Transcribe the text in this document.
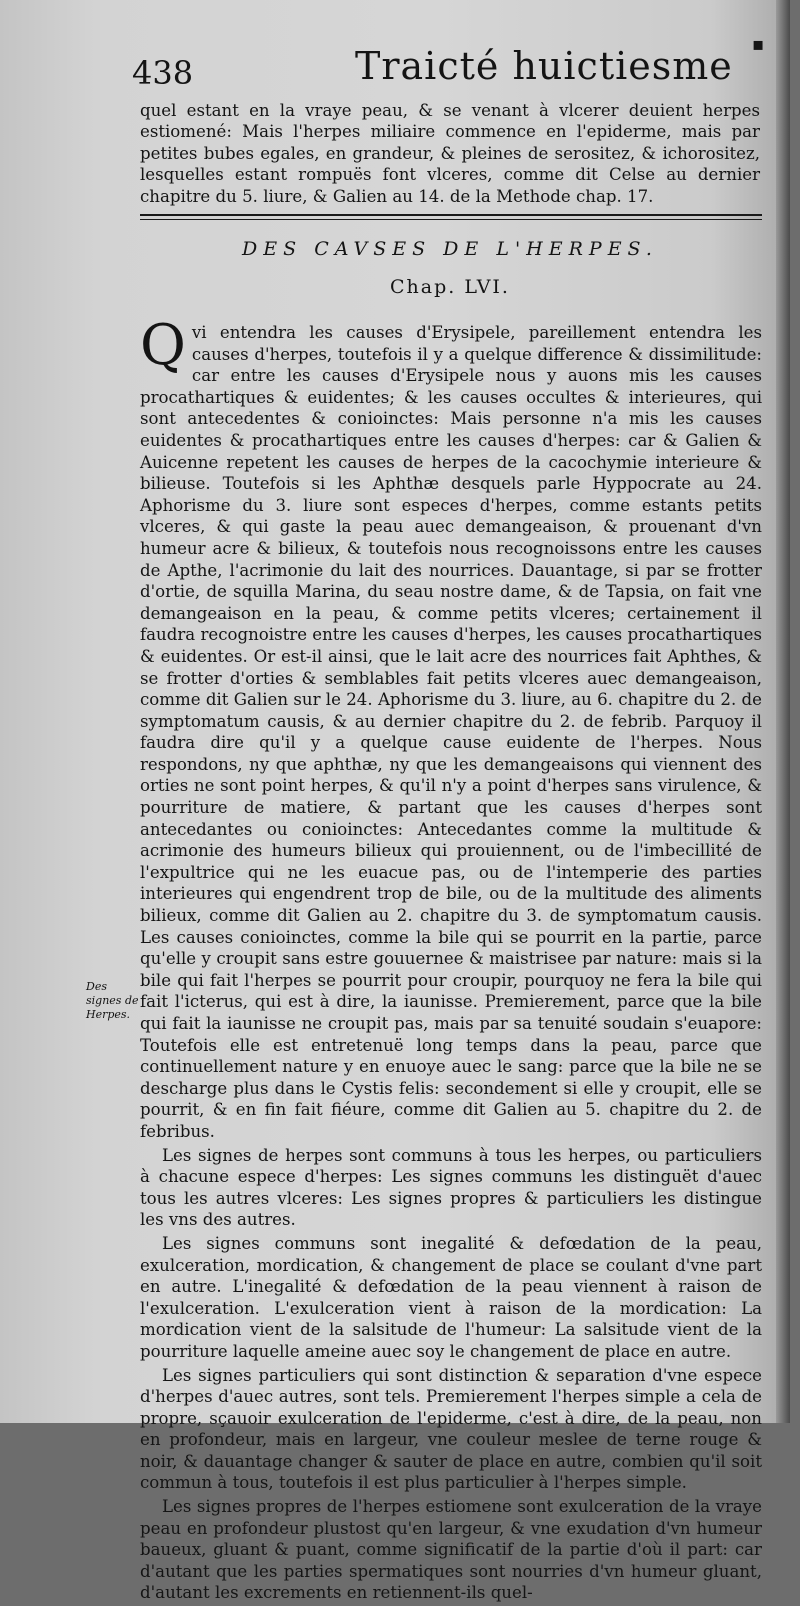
438	Traicté huictiesme ▪

quel estant en la vraye peau, & se venant à vlcerer deuient herpes estiomené: Mais l'herpes miliaire commence en l'epiderme, mais par petites bubes egales, en grandeur, & pleines de serositez, & ichorositez, lesquelles estant rompuës font vlceres, comme dit Celse au dernier chapitre du 5. liure, & Galien au 14. de la Methode chap. 17.

DES CAVSES DE L'HERPES.
Chap. LVI.

Qvi entendra les causes d'Erysipele, pareillement entendra les causes d'herpes, toutefois il y a quelque difference & dissimilitude: car entre les causes d'Erysipele nous y auons mis les causes procathartiques & euidentes; & les causes occultes & interieures, qui sont antecedentes & conioinctes: Mais personne n'a mis les causes euidentes & procathartiques entre les causes d'herpes: car & Galien & Auicenne repetent les causes de herpes de la cacochymie interieure & bilieuse. Toutefois si les Aphthæ desquels parle Hyppocrate au 24. Aphorisme du 3. liure sont especes d'herpes, comme estants petits vlceres, & qui gaste la peau auec demangeaison, & prouenant d'vn humeur acre & bilieux, & toutefois nous recognoissons entre les causes de Apthe, l'acrimonie du lait des nourrices. Dauantage, si par se frotter d'ortie, de squilla Marina, du seau nostre dame, & de Tapsia, on fait vne demangeaison en la peau, & comme petits vlceres; certainement il faudra recognoistre entre les causes d'herpes, les causes procathartiques & euidentes. Or est-il ainsi, que le lait acre des nourrices fait Aphthes, & se frotter d'orties & semblables fait petits vlceres auec demangeaison, comme dit Galien sur le 24. Aphorisme du 3. liure, au 6. chapitre du 2. de symptomatum causis, & au dernier chapitre du 2. de febrib. Parquoy il faudra dire qu'il y a quelque cause euidente de l'herpes. Nous respondons, ny que aphthæ, ny que les demangeaisons qui viennent des orties ne sont point herpes, & qu'il n'y a point d'herpes sans virulence, & pourriture de matiere, & partant que les causes d'herpes sont antecedantes ou conioinctes: Antecedantes comme la multitude & acrimonie des humeurs bilieux qui prouiennent, ou de l'imbecillité de l'expultrice qui ne les euacue pas, ou de l'intemperie des parties interieures qui engendrent trop de bile, ou de la multitude des aliments bilieux, comme dit Galien au 2. chapitre du 3. de symptomatum causis. Les causes conioinctes, comme la bile qui se pourrit en la partie, parce qu'elle y croupit sans estre gouuernee & maistrisee par nature: mais si la bile qui fait l'herpes se pourrit pour croupir, pourquoy ne fera la bile qui fait l'icterus, qui est à dire, la iaunisse. Premierement, parce que la bile qui fait la iaunisse ne croupit pas, mais par sa tenuité soudain s'euapore: Toutefois elle est entretenuë long temps dans la peau, parce que continuellement nature y en enuoye auec le sang: parce que la bile ne se descharge plus dans le Cystis felis: secondement si elle y croupit, elle se pourrit, & en fin fait fiéure, comme dit Galien au 5. chapitre du 2. de febribus.

Les signes de herpes sont communs à tous les herpes, ou particuliers à chacune espece d'herpes: Les signes communs les distinguët d'auec tous les autres vlceres: Les signes propres & particuliers les distingue les vns des autres.

Les signes communs sont inegalité & defœdation de la peau, exulceration, mordication, & changement de place se coulant d'vne part en autre. L'inegalité & defœdation de la peau viennent à raison de l'exulceration. L'exulceration vient à raison de la mordication: La mordication vient de la salsitude de l'humeur: La salsitude vient de la pourriture laquelle ameine auec soy le changement de place en autre.

Les signes particuliers qui sont distinction & separation d'vne espece d'herpes d'auec autres, sont tels. Premierement l'herpes simple a cela de propre, sçauoir exulceration de l'epiderme, c'est à dire, de la peau, non en profondeur, mais en largeur, vne couleur meslee de terne rouge & noir, & dauantage changer & sauter de place en autre, combien qu'il soit commun à tous, toutefois il est plus particulier à l'herpes simple.

Les signes propres de l'herpes estiomene sont exulceration de la vraye peau en profondeur plustost qu'en largeur, & vne exudation d'vn humeur baueux, gluant & puant, comme significatif de la partie d'où il part: car d'autant que les parties spermatiques sont nourries d'vn humeur gluant, d'autant les excrements en retiennent-ils quel-

Des signes de Herpes.
